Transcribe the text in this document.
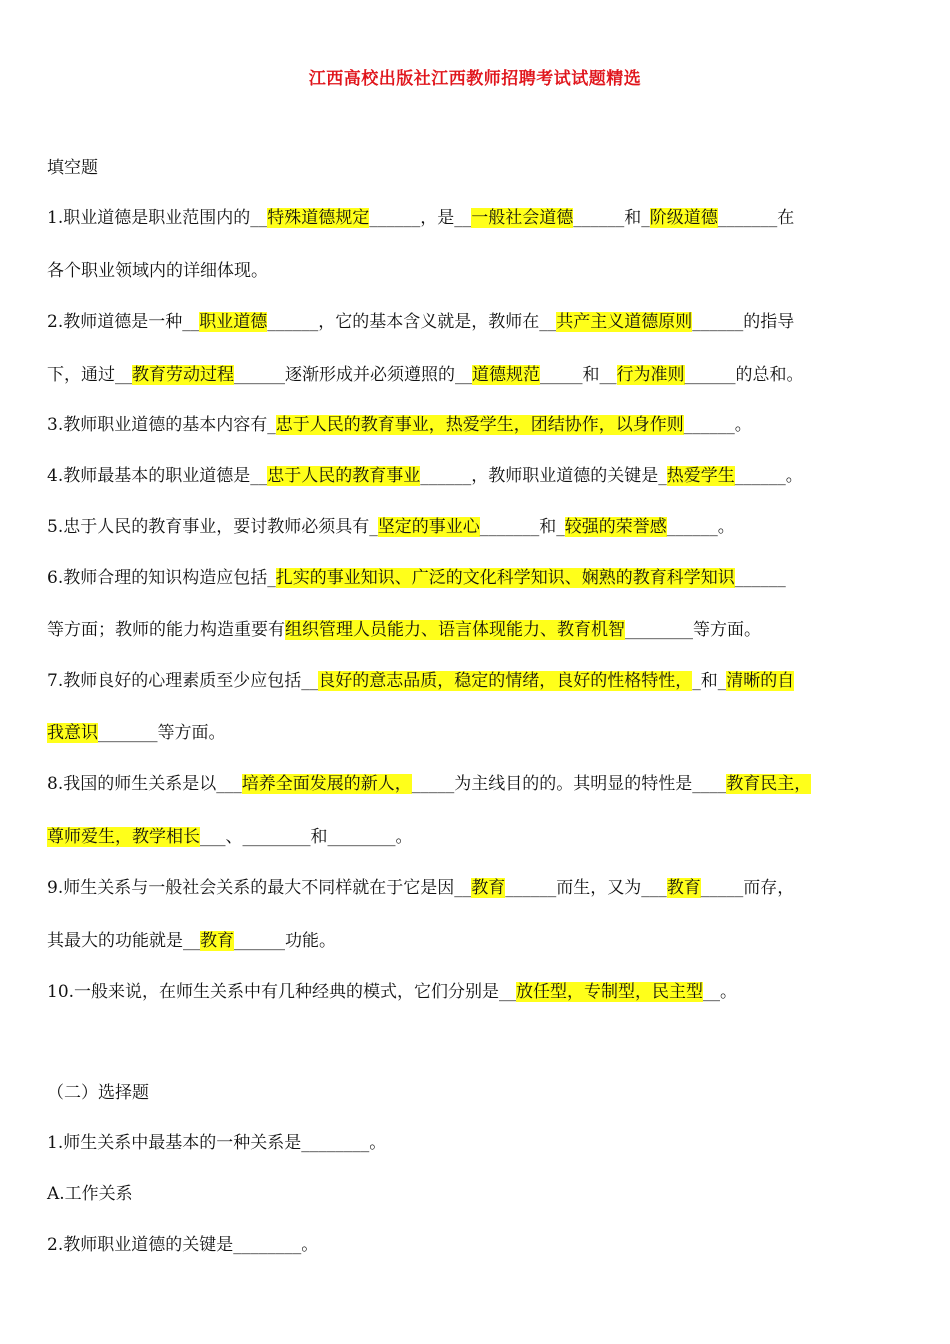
江西高校出版社江西教师招聘考试试题精选
填空题
1.职业道德是职业范围内的__特殊道德规定______，是__一般社会道德______和_阶级道德_______在
各个职业领域内的详细体现。
2.教师道德是一种__职业道德______，它的基本含义就是，教师在__共产主义道德原则______的指导
下，通过__教育劳动过程______逐渐形成并必须遵照的__道德规范_____和__行为准则______的总和。
3.教师职业道德的基本内容有_忠于人民的教育事业，热爱学生，团结协作，以身作则______。
4.教师最基本的职业道德是__忠于人民的教育事业______，教师职业道德的关键是_热爱学生______。
5.忠于人民的教育事业，要讨教师必须具有_坚定的事业心_______和_较强的荣誉感______。
6.教师合理的知识构造应包括_扎实的事业知识、广泛的文化科学知识、娴熟的教育科学知识______
等方面；教师的能力构造重要有组织管理人员能力、语言体现能力、教育机智________等方面。
7.教师良好的心理素质至少应包括__良好的意志品质，稳定的情绪，良好的性格特性，_和_清晰的自
我意识_______等方面。
8.我国的师生关系是以___培养全面发展的新人，_____为主线目的的。其明显的特性是____教育民主，
尊师爱生，教学相长___、________和________。
9.师生关系与一般社会关系的最大不同样就在于它是因__教育______而生，又为___教育_____而存，
其最大的功能就是__教育______功能。
10.一般来说，在师生关系中有几种经典的模式，它们分别是__放任型，专制型，民主型__。
（二）选择题
1.师生关系中最基本的一种关系是________。
A.工作关系
2.教师职业道德的关键是________。
